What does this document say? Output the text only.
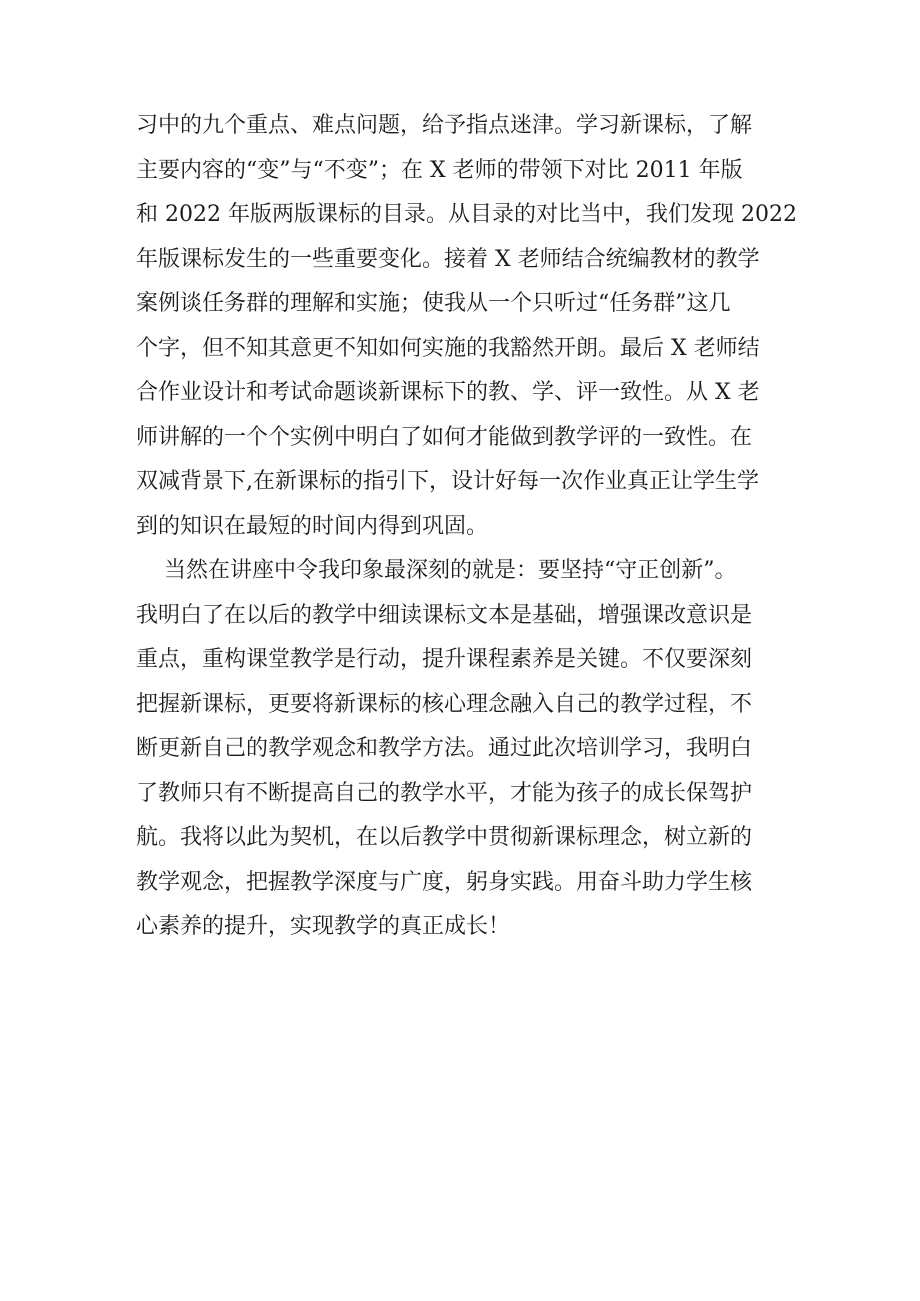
习中的九个重点、难点问题，给予指点迷津。学习新课标，了解
主要内容的“变”与“不变”；在 X 老师的带领下对比 2011 年版
和 2022 年版两版课标的目录。从目录的对比当中，我们发现 2022
年版课标发生的一些重要变化。接着 X 老师结合统编教材的教学
案例谈任务群的理解和实施；使我从一个只听过“任务群”这几
个字，但不知其意更不知如何实施的我豁然开朗。最后 X 老师结
合作业设计和考试命题谈新课标下的教、学、评一致性。从 X 老
师讲解的一个个实例中明白了如何才能做到教学评的一致性。在
双减背景下,在新课标的指引下，设计好每一次作业真正让学生学
到的知识在最短的时间内得到巩固。
当然在讲座中令我印象最深刻的就是：要坚持“守正创新”。
我明白了在以后的教学中细读课标文本是基础，增强课改意识是
重点，重构课堂教学是行动，提升课程素养是关键。不仅要深刻
把握新课标，更要将新课标的核心理念融入自己的教学过程，不
断更新自己的教学观念和教学方法。通过此次培训学习，我明白
了教师只有不断提高自己的教学水平，才能为孩子的成长保驾护
航。我将以此为契机，在以后教学中贯彻新课标理念，树立新的
教学观念，把握教学深度与广度，躬身实践。用奋斗助力学生核
心素养的提升，实现教学的真正成长！
